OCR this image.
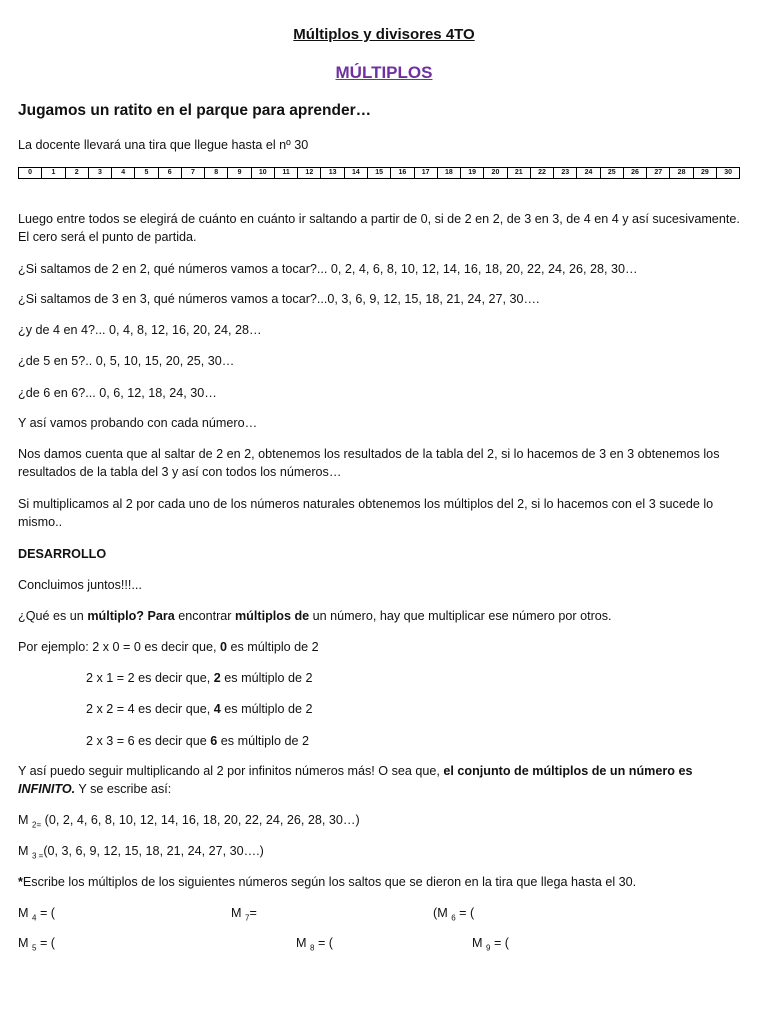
Múltiplos y divisores 4TO
MÚLTIPLOS
Jugamos un ratito en el parque para aprender…
La docente llevará una tira que llegue hasta el nº 30
0	1	2	3	4	5	6	7	8	9	10	11	12	13	14	15	16	17	18	19	20	21	22	23	24	25	26	27	28	29	30
Luego entre todos se elegirá de cuánto en cuánto ir saltando a partir de 0, si de 2 en 2, de 3 en 3, de 4 en 4 y así sucesivamente. El cero será el punto de partida.
¿Si saltamos de 2 en 2, qué números vamos a tocar?... 0, 2, 4, 6, 8, 10, 12, 14, 16, 18, 20, 22, 24, 26, 28, 30…
¿Si saltamos de 3 en 3, qué números vamos a tocar?...0, 3, 6, 9, 12, 15, 18, 21, 24, 27, 30….
¿y de 4 en 4?... 0, 4, 8, 12, 16, 20, 24, 28…
¿de 5 en 5?.. 0, 5, 10, 15, 20, 25, 30…
¿de 6 en 6?... 0, 6, 12, 18, 24, 30…
Y así vamos probando con cada número…
Nos damos cuenta que al saltar de 2 en 2, obtenemos los resultados de la tabla del 2, si lo hacemos de 3 en 3 obtenemos los resultados de la tabla del 3 y así con todos los números…
Si multiplicamos al 2 por cada uno de los números naturales obtenemos los múltiplos del 2, si lo hacemos con el 3 sucede lo mismo..
DESARROLLO
Concluimos juntos!!!...
¿Qué es un múltiplo? Para encontrar múltiplos de un número, hay que multiplicar ese número por otros.
Por ejemplo: 2 x 0 = 0 es decir que, 0 es múltiplo de 2
2 x 1 = 2 es decir que, 2 es múltiplo de 2
2 x 2 = 4 es decir que, 4 es múltiplo de 2
2 x 3 = 6 es decir que 6 es múltiplo de 2
Y así puedo seguir multiplicando al 2 por infinitos números más! O sea que, el conjunto de múltiplos de un número es
INFINITO. Y se escribe así:
M $_{2=}$ (0, 2, 4, 6, 8, 10, 12, 14, 16, 18, 20, 22, 24, 26, 28, 30…)
M $_{3 =}$(0, 3, 6, 9, 12, 15, 18, 21, 24, 27, 30….)
*Escribe los múltiplos de los siguientes números según los saltos que se dieron en la tira que llega hasta el 30.
M $_4$ = (	M $_7$=	(M $_6$ = (
M $_5$ = (	M $_8$ = (	M $_9$ = (
